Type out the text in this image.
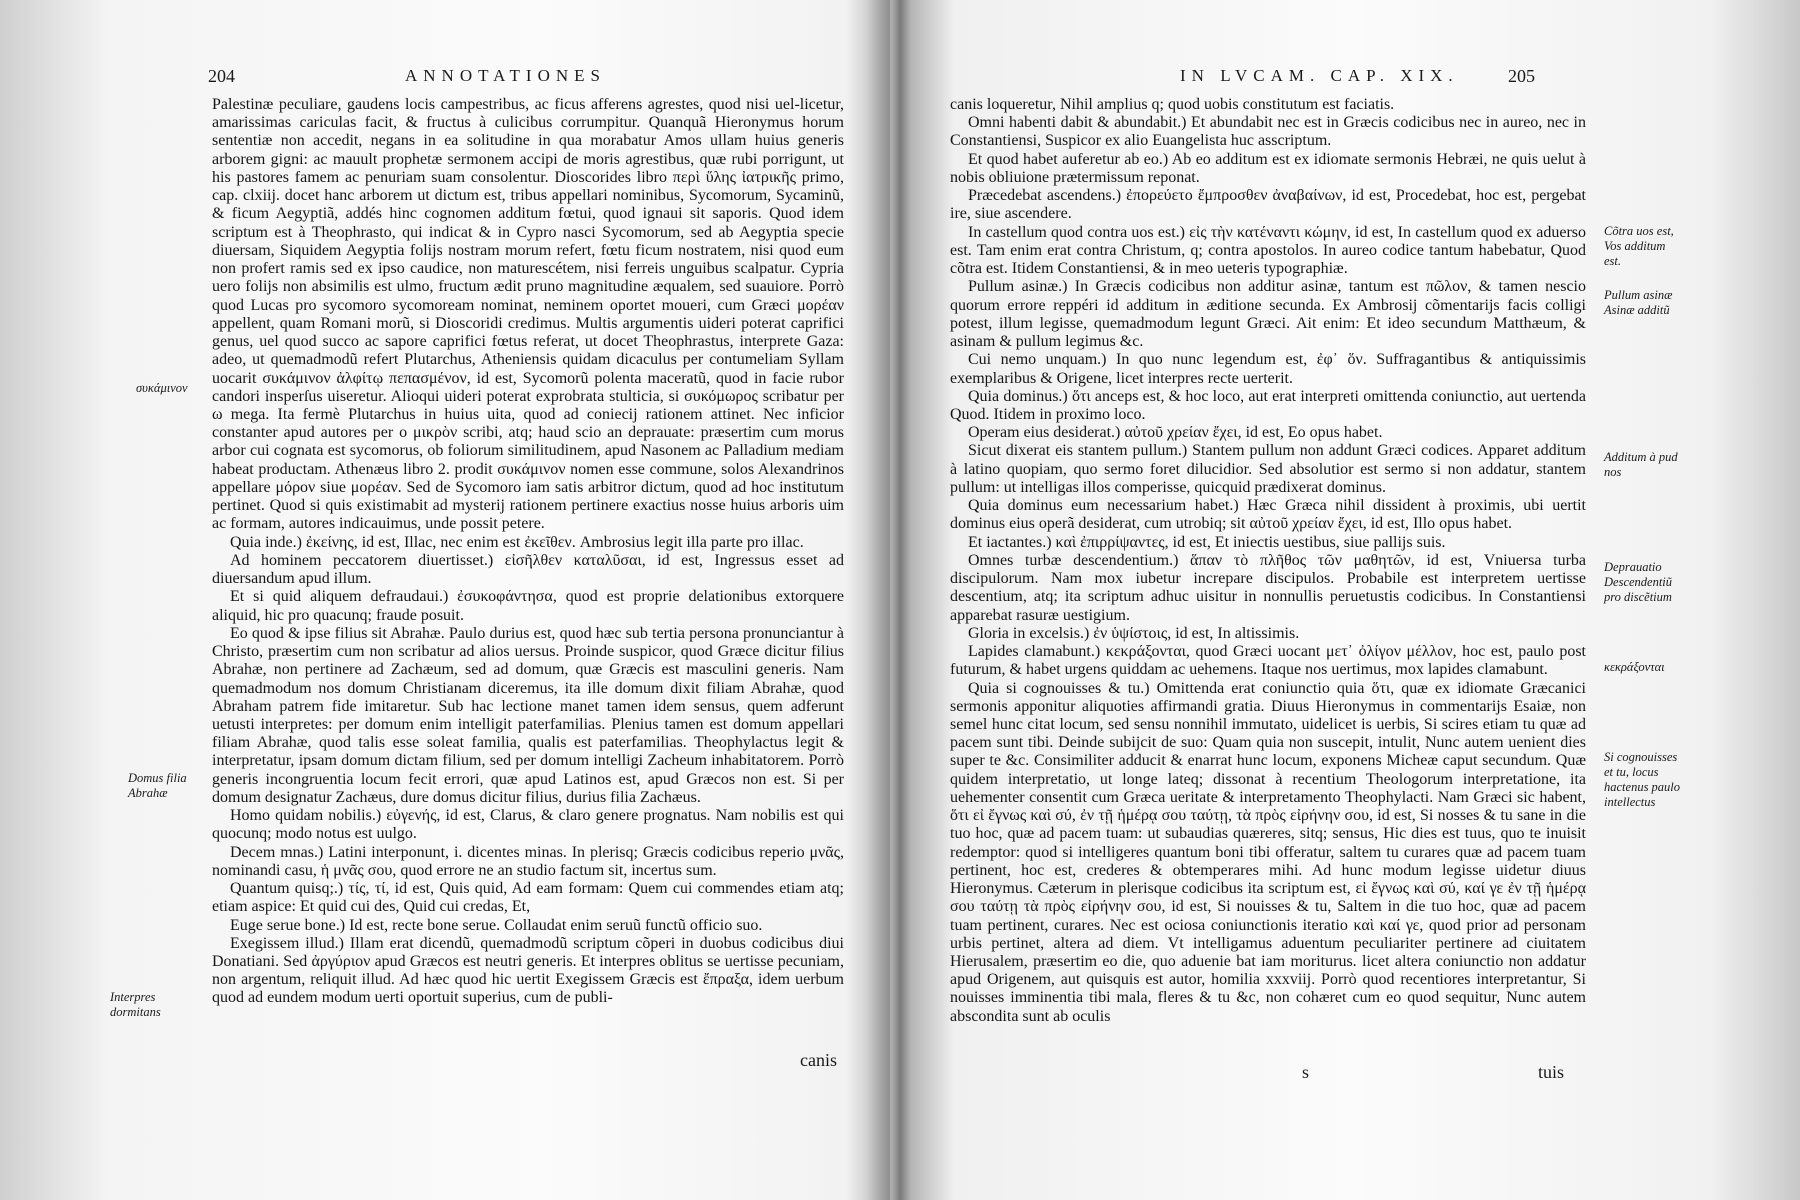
204	ANNOTATIONES

Palestinæ peculiare, gaudens locis campestribus, ac ficus afferens agrestes, quod nisi uel-licetur, amarissimas cariculas facit, & fructus à culicibus corrumpitur. Quanquã Hieronymus horum sententiæ non accedit, negans in ea solitudine in qua morabatur Amos ullam huius generis arborem gigni: ac mauult prophetæ sermonem accipi de moris agrestibus, quæ rubi porrigunt, ut his pastores famem ac penuriam suam consolentur. Dioscorides libro περὶ ὕλης ἰατρικῆς primo, cap. clxiij. docet hanc arborem ut dictum est, tribus appellari nominibus, Sycomorum, Sycaminũ, & ficum Aegyptiã, addés hinc cognomen additum fœtui, quod ignaui sit saporis. Quod idem scriptum est à Theophrasto, qui indicat & in Cypro nasci Sycomorum, sed ab Aegyptia specie diuersam, Siquidem Aegyptia folijs nostram morum refert, fœtu ficum nostratem, nisi quod eum non profert ramis sed ex ipso caudice, non maturescétem, nisi ferreis unguibus scalpatur. Cypria uero folijs non absimilis est ulmo, fructum ædit pruno magnitudine æqualem, sed suauiore. Porrò quod Lucas pro sycomoro sycomoream nominat, neminem oportet moueri, cum Græci μορέαν appellent, quam Romani morũ, si Dioscoridi credimus. Multis argumentis uideri poterat caprifici genus, uel quod succo ac sapore caprifici fœtus referat, ut docet Theophrastus, interprete Gaza: adeo, ut quemadmodũ refert Plutarchus, Atheniensis quidam dicaculus per contumeliam Syllam uocarit συκάμινον ἀλφίτῳ πεπασμένον, id est, Sycomorũ polenta maceratũ, quod in facie rubor candori insperſus uiseretur. Alioqui uideri poterat exprobrata stulticia, si συκόμωρος scribatur per ω mega. Ita fermè Plutarchus in huius uita, quod ad coniecij rationem attinet. Nec inficior constanter apud autores per o μικρὸν scribi, atq; haud scio an deprauate: præsertim cum morus arbor cui cognata est sycomorus, ob foliorum similitudinem, apud Nasonem ac Palladium mediam habeat productam. Athenæus libro 2. prodit συκάμινον nomen esse commune, solos Alexandrinos appellare μόρον siue μορέαν. Sed de Sycomoro iam satis arbitror dictum, quod ad hoc institutum pertinet. Quod si quis existimabit ad mysterij rationem pertinere exactius nosse huius arboris uim ac formam, autores indicauimus, unde possit petere.

Quia inde.) ἐκείνης, id est, Illac, nec enim est ἐκεῖθεν. Ambrosius legit illa parte pro illac.

Ad hominem peccatorem diuertisset.) εἰσῆλθεν καταλῦσαι, id est, Ingressus esset ad diuersandum apud illum.

Et si quid aliquem defraudaui.) ἐσυκοφάντησα, quod est proprie delationibus extorquere aliquid, hic pro quacunq; fraude posuit.

Eo quod & ipse filius sit Abrahæ. Paulo durius est, quod hæc sub tertia persona pronunciantur à Christo, præsertim cum non scribatur ad alios uersus. Proinde suspicor, quod Græce dicitur filius Abrahæ, non pertinere ad Zachæum, sed ad domum, quæ Græcis est masculini generis. Nam quemadmodum nos domum Christianam diceremus, ita ille domum dixit filiam Abrahæ, quod Abraham patrem fide imitaretur. Sub hac lectione manet tamen idem sensus, quem adferunt uetusti interpretes: per domum enim intelligit paterfamilias. Plenius tamen est domum appellari filiam Abrahæ, quod talis esse soleat familia, qualis est paterfamilias. Theophylactus legit & interpretatur, ipsam domum dictam filium, sed per domum intelligi Zacheum inhabitatorem. Porrò generis incongruentia locum fecit errori, quæ apud Latinos est, apud Græcos non est. Si per domum designatur Zachæus, dure domus dicitur filius, durius filia Zachæus.

Homo quidam nobilis.) εὐγενής, id est, Clarus, & claro genere prognatus. Nam nobilis est qui quocunq; modo notus est uulgo.

Decem mnas.) Latini interponunt, i. dicentes minas. In plerisq; Græcis codicibus reperio μνᾶς, nominandi casu, ἡ μνᾶς σου, quod errore ne an studio factum sit, incertus sum.

Quantum quisq;.) τίς, τί, id est, Quis quid, Ad eam formam: Quem cui commendes etiam atq; etiam aspice: Et quid cui des, Quid cui credas, Et,

Euge serue bone.) Id est, recte bone serue. Collaudat enim seruũ functũ officio suo.

Exegissem illud.) Illam erat dicendũ, quemadmodũ scriptum cõperi in duobus codicibus diui Donatiani. Sed ἀργύριον apud Græcos est neutri generis. Et interpres oblitus se uertisse pecuniam, non argentum, reliquit illud. Ad hæc quod hic uertit Exegissem Græcis est ἔπραξα, idem uerbum quod ad eundem modum uerti oportuit superius, cum de publi-

συκάμινον
Domus filia Abrahæ
Interpres dormitans
canis
IN LVCAM. CAP. XIX.	205

canis loqueretur, Nihil amplius q; quod uobis constitutum est faciatis.

Omni habenti dabit & abundabit.) Et abundabit nec est in Græcis codicibus nec in aureo, nec in Constantiensi, Suspicor ex alio Euangelista huc asscriptum.

Et quod habet auferetur ab eo.) Ab eo additum est ex idiomate sermonis Hebræi, ne quis uelut à nobis obliuione prætermissum reponat.

Præcedebat ascendens.) ἐπορεύετο ἔμπροσθεν ἀναβαίνων, id est, Procedebat, hoc est, pergebat ire, siue ascendere.

In castellum quod contra uos est.) εἰς τὴν κατέναντι κώμην, id est, In castellum quod ex aduerso est. Tam enim erat contra Christum, q; contra apostolos. In aureo codice tantum habebatur, Quod cõtra est. Itidem Constantiensi, & in meo ueteris typographiæ.

Pullum asinæ.) In Græcis codicibus non additur asinæ, tantum est πῶλον, & tamen nescio quorum errore reppéri id additum in æditione secunda. Ex Ambrosij cõmentarijs facis colligi potest, illum legisse, quemadmodum legunt Græci. Ait enim: Et ideo secundum Matthæum, & asinam & pullum legimus &c.

Cui nemo unquam.) In quo nunc legendum est, ἐφ᾽ ὅν. Suffragantibus & antiquissimis exemplaribus & Origene, licet interpres recte uerterit.

Quia dominus.) ὅτι anceps est, & hoc loco, aut erat interpreti omittenda coniunctio, aut uertenda Quod. Itidem in proximo loco.

Operam eius desiderat.) αὐτοῦ χρείαν ἔχει, id est, Eo opus habet.

Sicut dixerat eis stantem pullum.) Stantem pullum non addunt Græci codices. Apparet additum à latino quopiam, quo sermo foret dilucidior. Sed absolutior est sermo si non addatur, stantem pullum: ut intelligas illos comperisse, quicquid prædixerat dominus.

Quia dominus eum necessarium habet.) Hæc Græca nihil dissident à proximis, ubi uertit dominus eius operã desiderat, cum utrobiq; sit αὐτοῦ χρείαν ἔχει, id est, Illo opus habet.

Et iactantes.) καὶ ἐπιρρίψαντες, id est, Et iniectis uestibus, siue pallijs suis.

Omnes turbæ descendentium.) ἅπαν τὸ πλῆθος τῶν μαθητῶν, id est, Vniuersa turba discipulorum. Nam mox iubetur increpare discipulos. Probabile est interpretem uertisse descentium, atq; ita scriptum adhuc uisitur in nonnullis peruetustis codicibus. In Constantiensi apparebat rasuræ uestigium.

Gloria in excelsis.) ἐν ὑψίστοις, id est, In altissimis.

Lapides clamabunt.) κεκράξονται, quod Græci uocant μετ᾽ ὀλίγον μέλλον, hoc est, paulo post futurum, & habet urgens quiddam ac uehemens. Itaque nos uertimus, mox lapides clamabunt.

Quia si cognouisses & tu.) Omittenda erat coniunctio quia ὅτι, quæ ex idiomate Græcanici sermonis apponitur aliquoties affirmandi gratia. Diuus Hieronymus in commentarijs Esaiæ, non semel hunc citat locum, sed sensu nonnihil immutato, uidelicet is uerbis, Si scires etiam tu quæ ad pacem sunt tibi. Deinde subijcit de suo: Quam quia non suscepit, intulit, Nunc autem uenient dies super te &c. Consimiliter adducit & enarrat hunc locum, exponens Micheæ caput secundum. Quæ quidem interpretatio, ut longe lateq; dissonat à recentium Theologorum interpretatione, ita uehementer consentit cum Græca ueritate & interpretamento Theophylacti. Nam Græci sic habent, ὅτι εἰ ἔγνως καὶ σύ, ἐν τῇ ἡμέρᾳ σου ταύτῃ, τὰ πρὸς εἰρήνην σου, id est, Si nosses & tu sane in die tuo hoc, quæ ad pacem tuam: ut subaudias quæreres, sitq; sensus, Hic dies est tuus, quo te inuisit redemptor: quod si intelligeres quantum boni tibi offeratur, saltem tu curares quæ ad pacem tuam pertinent, hoc est, crederes & obtemperares mihi. Ad hunc modum legisse uidetur diuus Hieronymus. Cæterum in plerisque codicibus ita scriptum est, εἰ ἔγνως καὶ σύ, καί γε ἐν τῇ ἡμέρᾳ σου ταύτῃ τὰ πρὸς εἰρήνην σου, id est, Si nouisses & tu, Saltem in die tuo hoc, quæ ad pacem tuam pertinent, curares. Nec est ociosa coniunctionis iteratio καὶ καί γε, quod prior ad personam urbis pertinet, altera ad diem. Vt intelligamus aduentum peculiariter pertinere ad ciuitatem Hierusalem, præsertim eo die, quo aduenie bat iam moriturus. licet altera coniunctio non addatur apud Origenem, aut quisquis est autor, homilia xxxviij. Porrò quod recentiores interpretantur, Si nouisses imminentia tibi mala, fleres & tu &c, non cohæret cum eo quod sequitur, Nunc autem abscondita sunt ab oculis

Cõtra uos est, Vos additum est.
Pullum asinæ Asinæ additũ
Additum à pud nos
Deprauatio Descendentiũ pro discẽtium
κεκράξονται
Si cognouisses et tu, locus hactenus paulo intellectus
s	tuis
